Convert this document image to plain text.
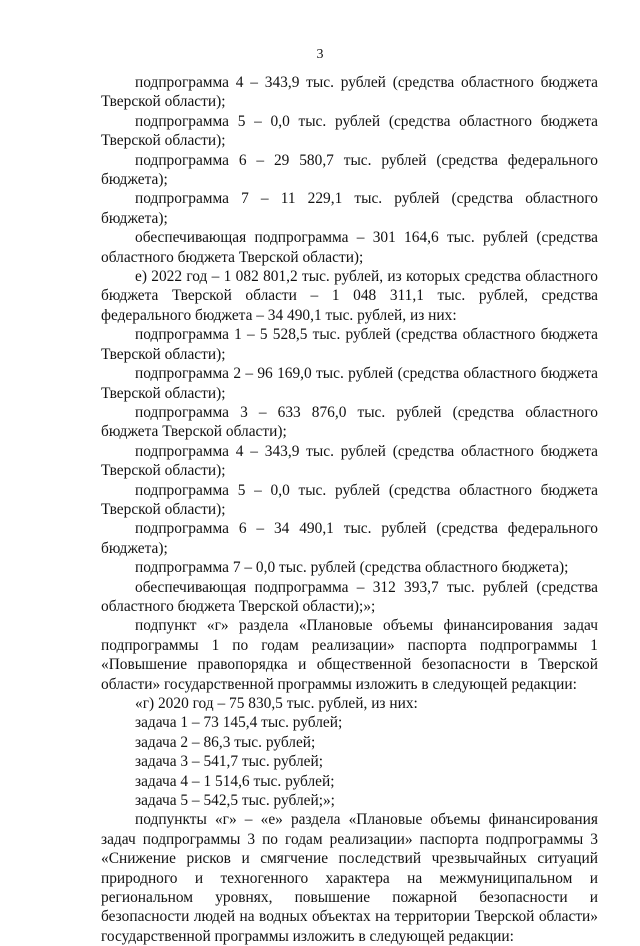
3

подпрограмма 4 – 343,9 тыс. рублей (средства областного бюджета Тверской области);

подпрограмма 5 – 0,0 тыс. рублей (средства областного бюджета Тверской области);

подпрограмма 6 – 29 580,7 тыс. рублей (средства федерального бюджета);

подпрограмма 7 – 11 229,1 тыс. рублей (средства областного бюджета);

обеспечивающая подпрограмма – 301 164,6 тыс. рублей (средства областного бюджета Тверской области);

е) 2022 год – 1 082 801,2 тыс. рублей, из которых средства областного бюджета Тверской области – 1 048 311,1 тыс. рублей, средства федерального бюджета – 34 490,1 тыс. рублей, из них:

подпрограмма 1 – 5 528,5 тыс. рублей (средства областного бюджета Тверской области);

подпрограмма 2 – 96 169,0 тыс. рублей (средства областного бюджета Тверской области);

подпрограмма 3 – 633 876,0 тыс. рублей (средства областного бюджета Тверской области);

подпрограмма 4 – 343,9 тыс. рублей (средства областного бюджета Тверской области);

подпрограмма 5 – 0,0 тыс. рублей (средства областного бюджета Тверской области);

подпрограмма 6 – 34 490,1 тыс. рублей (средства федерального бюджета);

подпрограмма 7 – 0,0 тыс. рублей (средства областного бюджета);

обеспечивающая подпрограмма – 312 393,7 тыс. рублей (средства областного бюджета Тверской области);»;

подпункт «г» раздела «Плановые объемы финансирования задач подпрограммы 1 по годам реализации» паспорта подпрограммы 1 «Повышение правопорядка и общественной безопасности в Тверской области» государственной программы изложить в следующей редакции:

«г) 2020 год – 75 830,5 тыс. рублей, из них:

задача 1 – 73 145,4 тыс. рублей;

задача 2 – 86,3 тыс. рублей;

задача 3 – 541,7 тыс. рублей;

задача 4 – 1 514,6 тыс. рублей;

задача 5 – 542,5 тыс. рублей;»;

подпункты «г» – «е» раздела «Плановые объемы финансирования задач подпрограммы 3 по годам реализации» паспорта подпрограммы 3 «Снижение рисков и смягчение последствий чрезвычайных ситуаций природного и техногенного характера на межмуниципальном и региональном уровнях, повышение пожарной безопасности и безопасности людей на водных объектах на территории Тверской области» государственной программы изложить в следующей редакции:
